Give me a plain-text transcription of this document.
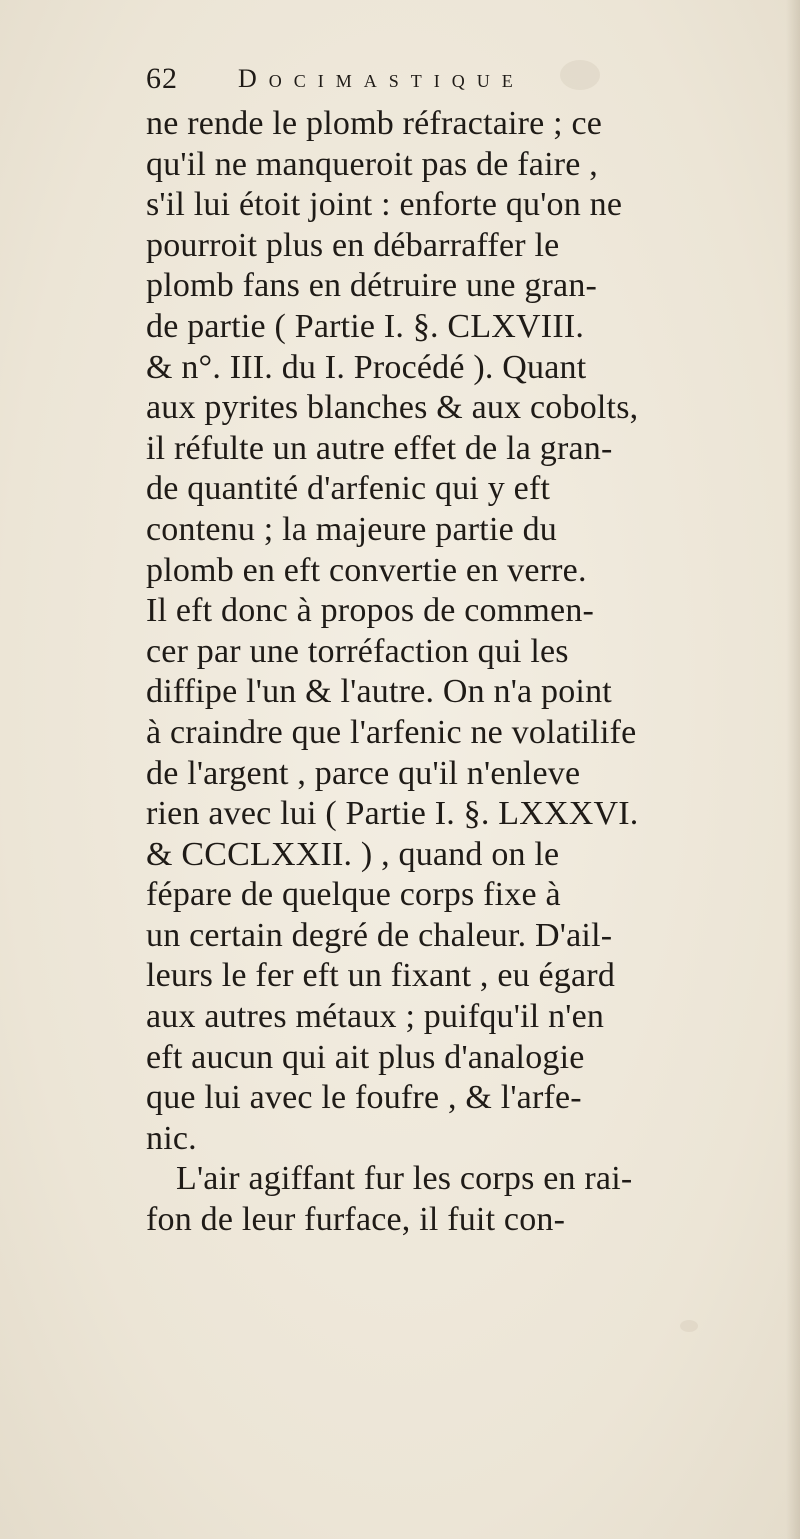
62 Docimastique
ne rende le plomb réfractaire ; ce
qu'il ne manqueroit pas de faire ,
s'il lui étoit joint : enforte qu'on ne
pourroit plus en débarraffer le
plomb fans en détruire une gran-
de partie ( Partie I. §. CLXVIII.
& n°. III. du I. Procédé ). Quant
aux pyrites blanches & aux cobolts,
il réfulte un autre effet de la gran-
de quantité d'arfenic qui y eft
contenu ; la majeure partie du
plomb en eft convertie en verre.
Il eft donc à propos de commen-
cer par une torréfaction qui les
diffipe l'un & l'autre. On n'a point
à craindre que l'arfenic ne volatilife
de l'argent , parce qu'il n'enleve
rien avec lui ( Partie I. §. LXXXVI.
& CCCLXXII. ) , quand on le
fépare de quelque corps fixe à
un certain degré de chaleur. D'ail-
leurs le fer eft un fixant , eu égard
aux autres métaux ; puifqu'il n'en
eft aucun qui ait plus d'analogie
que lui avec le foufre , & l'arfe-
nic.
L'air agiffant fur les corps en rai-
fon de leur furface, il fuit con-
